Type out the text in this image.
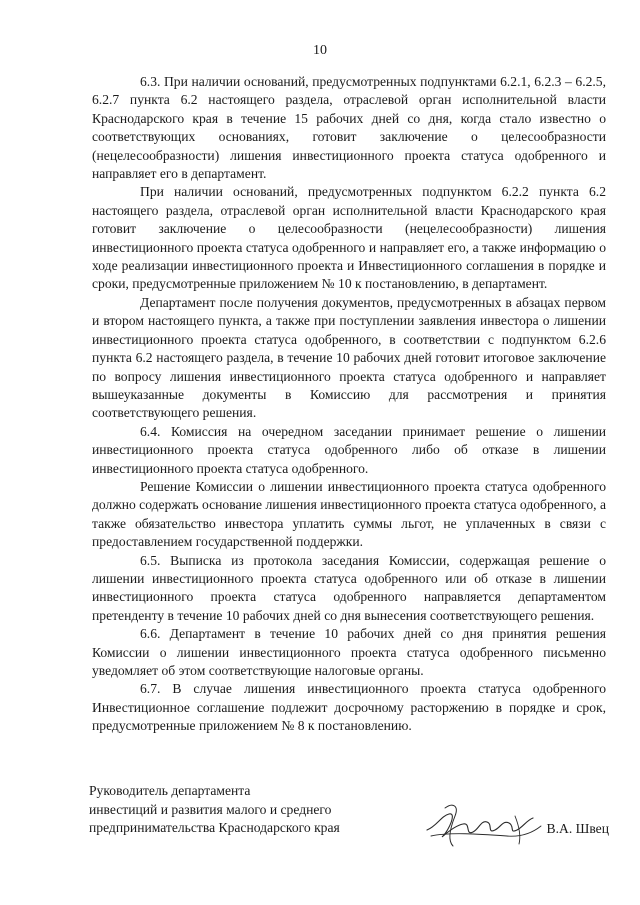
10

6.3. При наличии оснований, предусмотренных подпунктами 6.2.1, 6.2.3 – 6.2.5, 6.2.7 пункта 6.2 настоящего раздела, отраслевой орган исполнительной власти Краснодарского края в течение 15 рабочих дней со дня, когда стало известно о соответствующих основаниях, готовит заключение о целесообразности (нецелесообразности) лишения инвестиционного проекта статуса одобренного и направляет его в департамент.

При наличии оснований, предусмотренных подпунктом 6.2.2 пункта 6.2 настоящего раздела, отраслевой орган исполнительной власти Краснодарского края готовит заключение о целесообразности (нецелесообразности) лишения инвестиционного проекта статуса одобренного и направляет его, а также информацию о ходе реализации инвестиционного проекта и Инвестиционного соглашения в порядке и сроки, предусмотренные приложением № 10 к постановлению, в департамент.

Департамент после получения документов, предусмотренных в абзацах первом и втором настоящего пункта, а также при поступлении заявления инвестора о лишении инвестиционного проекта статуса одобренного, в соответствии с подпунктом 6.2.6 пункта 6.2 настоящего раздела, в течение 10 рабочих дней готовит итоговое заключение по вопросу лишения инвестиционного проекта статуса одобренного и направляет вышеуказанные документы в Комиссию для рассмотрения и принятия соответствующего решения.

6.4. Комиссия на очередном заседании принимает решение о лишении инвестиционного проекта статуса одобренного либо об отказе в лишении инвестиционного проекта статуса одобренного.

Решение Комиссии о лишении инвестиционного проекта статуса одобренного должно содержать основание лишения инвестиционного проекта статуса одобренного, а также обязательство инвестора уплатить суммы льгот, не уплаченных в связи с предоставлением государственной поддержки.

6.5. Выписка из протокола заседания Комиссии, содержащая решение о лишении инвестиционного проекта статуса одобренного или об отказе в лишении инвестиционного проекта статуса одобренного направляется департаментом претенденту в течение 10 рабочих дней со дня вынесения соответствующего решения.

6.6. Департамент в течение 10 рабочих дней со дня принятия решения Комиссии о лишении инвестиционного проекта статуса одобренного письменно уведомляет об этом соответствующие налоговые органы.

6.7. В случае лишения инвестиционного проекта статуса одобренного Инвестиционное соглашение подлежит досрочному расторжению в порядке и срок, предусмотренные приложением № 8 к постановлению.

Руководитель департамента
инвестиций и развития малого и среднего
предпринимательства Краснодарского края	В.А. Швец
